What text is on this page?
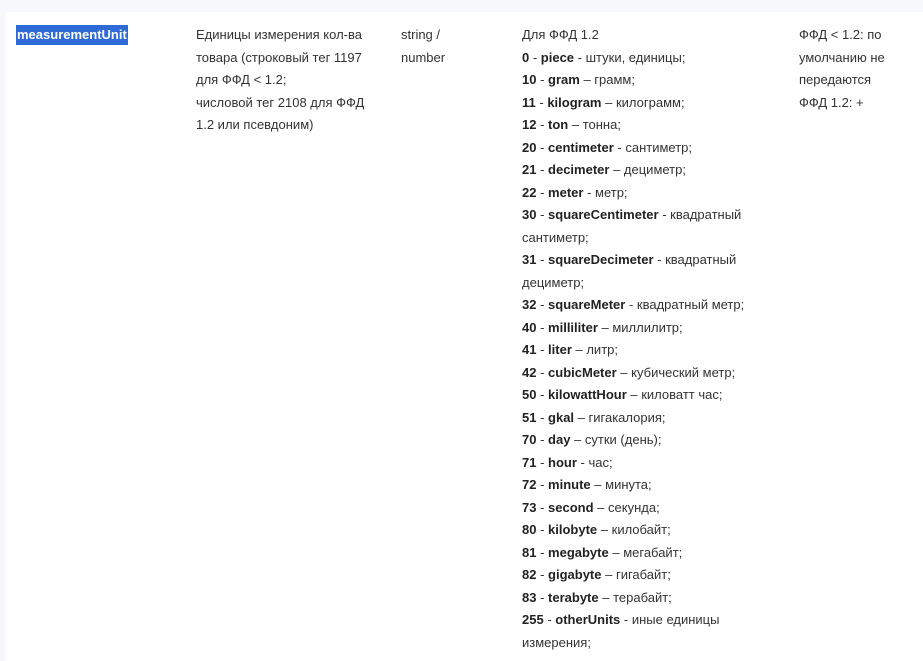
measurementUnit	Единицы измерения кол-ва
товара (строковый тег 1197
для ФФД < 1.2;
числовой тег 2108 для ФФД
1.2 или псевдоним)
string /
number
Для ФФД 1.2
0 - piece - штуки, единицы;
10 - gram – грамм;
11 - kilogram – килограмм;
12 - ton – тонна;
20 - centimeter - сантиметр;
21 - decimeter – дециметр;
22 - meter - метр;
30 - squareCentimeter - квадратный
сантиметр;
31 - squareDecimeter - квадратный
дециметр;
32 - squareMeter - квадратный метр;
40 - milliliter – миллилитр;
41 - liter – литр;
42 - cubicMeter – кубический метр;
50 - kilowattHour – киловатт час;
51 - gkal – гигакалория;
70 - day – сутки (день);
71 - hour - час;
72 - minute – минута;
73 - second – секунда;
80 - kilobyte – килобайт;
81 - megabyte – мегабайт;
82 - gigabyte – гигабайт;
83 - terabyte – терабайт;
255 - otherUnits - иные единицы
измерения;
ФФД < 1.2: по
умолчанию не
передаются
ФФД 1.2: +
